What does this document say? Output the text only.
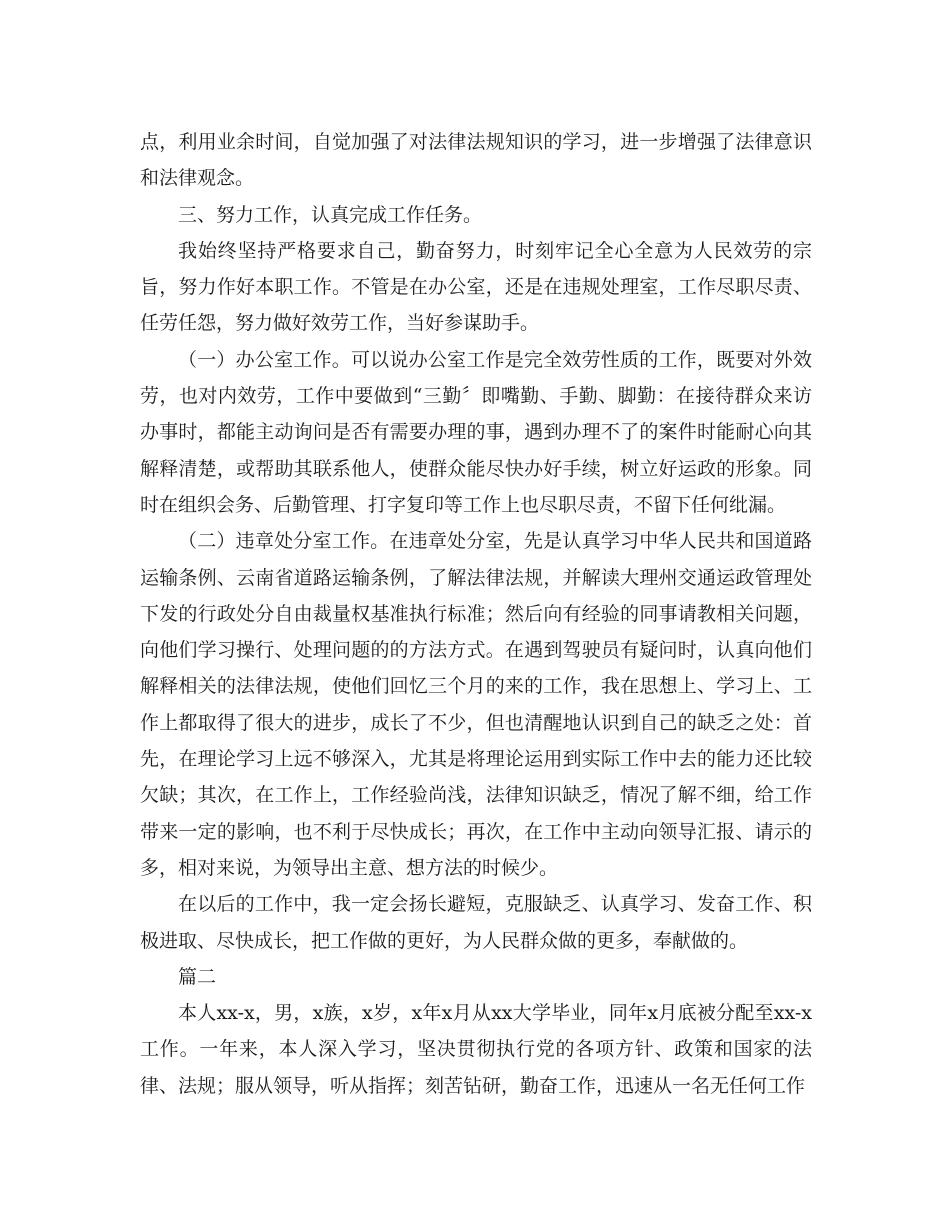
点，利用业余时间，自觉加强了对法律法规知识的学习，进一步增强了法律意识和法律观念。

三、努力工作，认真完成工作任务。

我始终坚持严格要求自己，勤奋努力，时刻牢记全心全意为人民效劳的宗旨，努力作好本职工作。不管是在办公室，还是在违规处理室，工作尽职尽责、任劳任怨，努力做好效劳工作，当好参谋助手。

（一）办公室工作。可以说办公室工作是完全效劳性质的工作，既要对外效劳，也对内效劳，工作中要做到“三勤〞即嘴勤、手勤、脚勤：在接待群众来访办事时，都能主动询问是否有需要办理的事，遇到办理不了的案件时能耐心向其解释清楚，或帮助其联系他人，使群众能尽快办好手续，树立好运政的形象。同时在组织会务、后勤管理、打字复印等工作上也尽职尽责，不留下任何纰漏。

（二）违章处分室工作。在违章处分室，先是认真学习中华人民共和国道路运输条例、云南省道路运输条例，了解法律法规，并解读大理州交通运政管理处下发的行政处分自由裁量权基准执行标准；然后向有经验的同事请教相关问题，向他们学习操行、处理问题的的方法方式。在遇到驾驶员有疑问时，认真向他们解释相关的法律法规，使他们回忆三个月的来的工作，我在思想上、学习上、工作上都取得了很大的进步，成长了不少，但也清醒地认识到自己的缺乏之处：首先，在理论学习上远不够深入，尤其是将理论运用到实际工作中去的能力还比较欠缺；其次，在工作上，工作经验尚浅，法律知识缺乏，情况了解不细，给工作带来一定的影响，也不利于尽快成长；再次，在工作中主动向领导汇报、请示的多，相对来说，为领导出主意、想方法的时候少。

在以后的工作中，我一定会扬长避短，克服缺乏、认真学习、发奋工作、积极进取、尽快成长，把工作做的更好，为人民群众做的更多，奉献做的。

篇二

本人xx-x，男，x族，x岁，x年x月从xx大学毕业，同年x月底被分配至xx-x工作。一年来，本人深入学习，坚决贯彻执行党的各项方针、政策和国家的法律、法规；服从领导，听从指挥；刻苦钻研，勤奋工作，迅速从一名无任何工作
